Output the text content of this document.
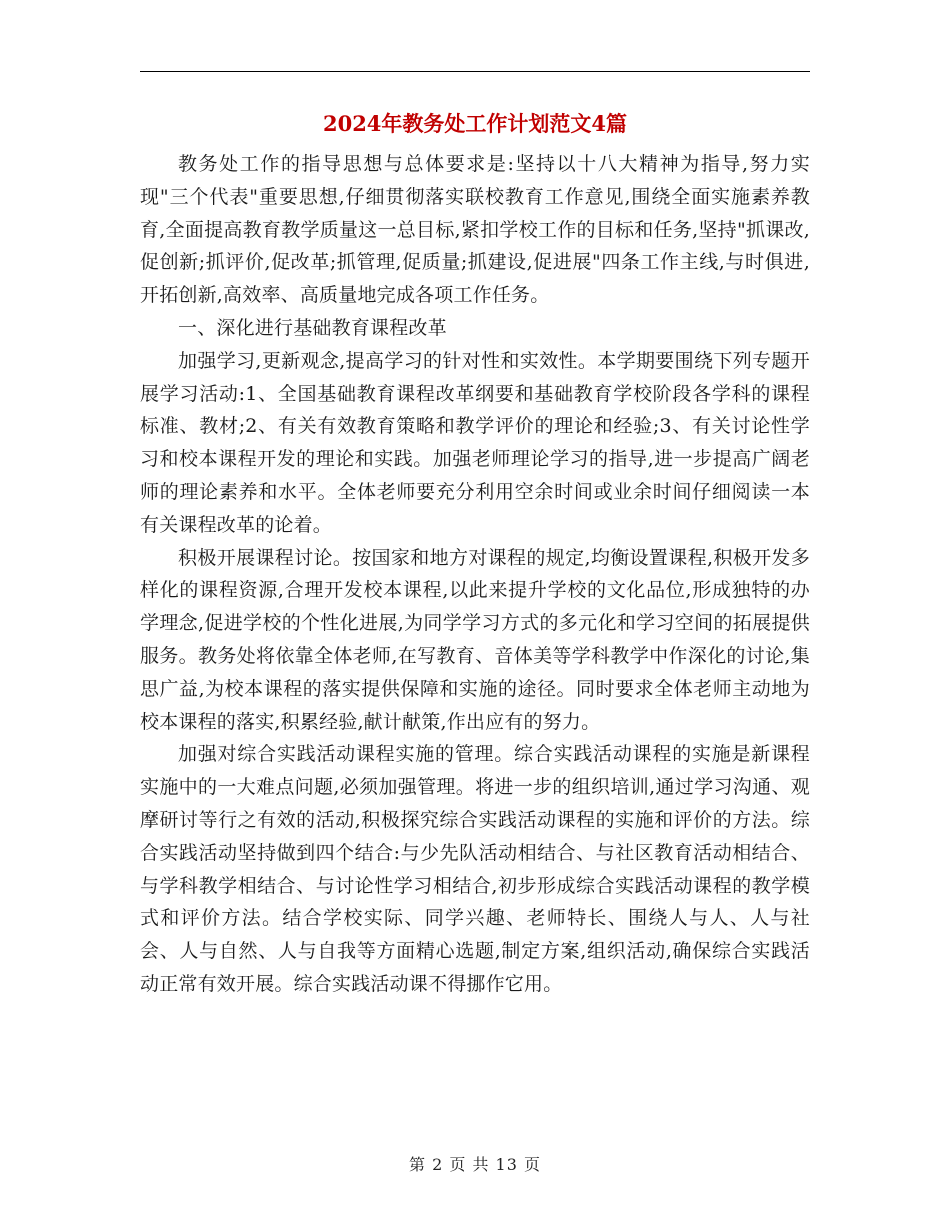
2024年教务处工作计划范文4篇

教务处工作的指导思想与总体要求是:坚持以十八大精神为指导,努力实现"三个代表"重要思想,仔细贯彻落实联校教育工作意见,围绕全面实施素养教育,全面提高教育教学质量这一总目标,紧扣学校工作的目标和任务,坚持"抓课改,促创新;抓评价,促改革;抓管理,促质量;抓建设,促进展"四条工作主线,与时俱进,开拓创新,高效率、高质量地完成各项工作任务。

一、深化进行基础教育课程改革

加强学习,更新观念,提高学习的针对性和实效性。本学期要围绕下列专题开展学习活动:1、全国基础教育课程改革纲要和基础教育学校阶段各学科的课程标准、教材;2、有关有效教育策略和教学评价的理论和经验;3、有关讨论性学习和校本课程开发的理论和实践。加强老师理论学习的指导,进一步提高广阔老师的理论素养和水平。全体老师要充分利用空余时间或业余时间仔细阅读一本有关课程改革的论着。

积极开展课程讨论。按国家和地方对课程的规定,均衡设置课程,积极开发多样化的课程资源,合理开发校本课程,以此来提升学校的文化品位,形成独特的办学理念,促进学校的个性化进展,为同学学习方式的多元化和学习空间的拓展提供服务。教务处将依靠全体老师,在写教育、音体美等学科教学中作深化的讨论,集思广益,为校本课程的落实提供保障和实施的途径。同时要求全体老师主动地为校本课程的落实,积累经验,献计献策,作出应有的努力。

加强对综合实践活动课程实施的管理。综合实践活动课程的实施是新课程实施中的一大难点问题,必须加强管理。将进一步的组织培训,通过学习沟通、观摩研讨等行之有效的活动,积极探究综合实践活动课程的实施和评价的方法。综合实践活动坚持做到四个结合:与少先队活动相结合、与社区教育活动相结合、与学科教学相结合、与讨论性学习相结合,初步形成综合实践活动课程的教学模式和评价方法。结合学校实际、同学兴趣、老师特长、围绕人与人、人与社会、人与自然、人与自我等方面精心选题,制定方案,组织活动,确保综合实践活动正常有效开展。综合实践活动课不得挪作它用。

第 2 页 共 13 页
